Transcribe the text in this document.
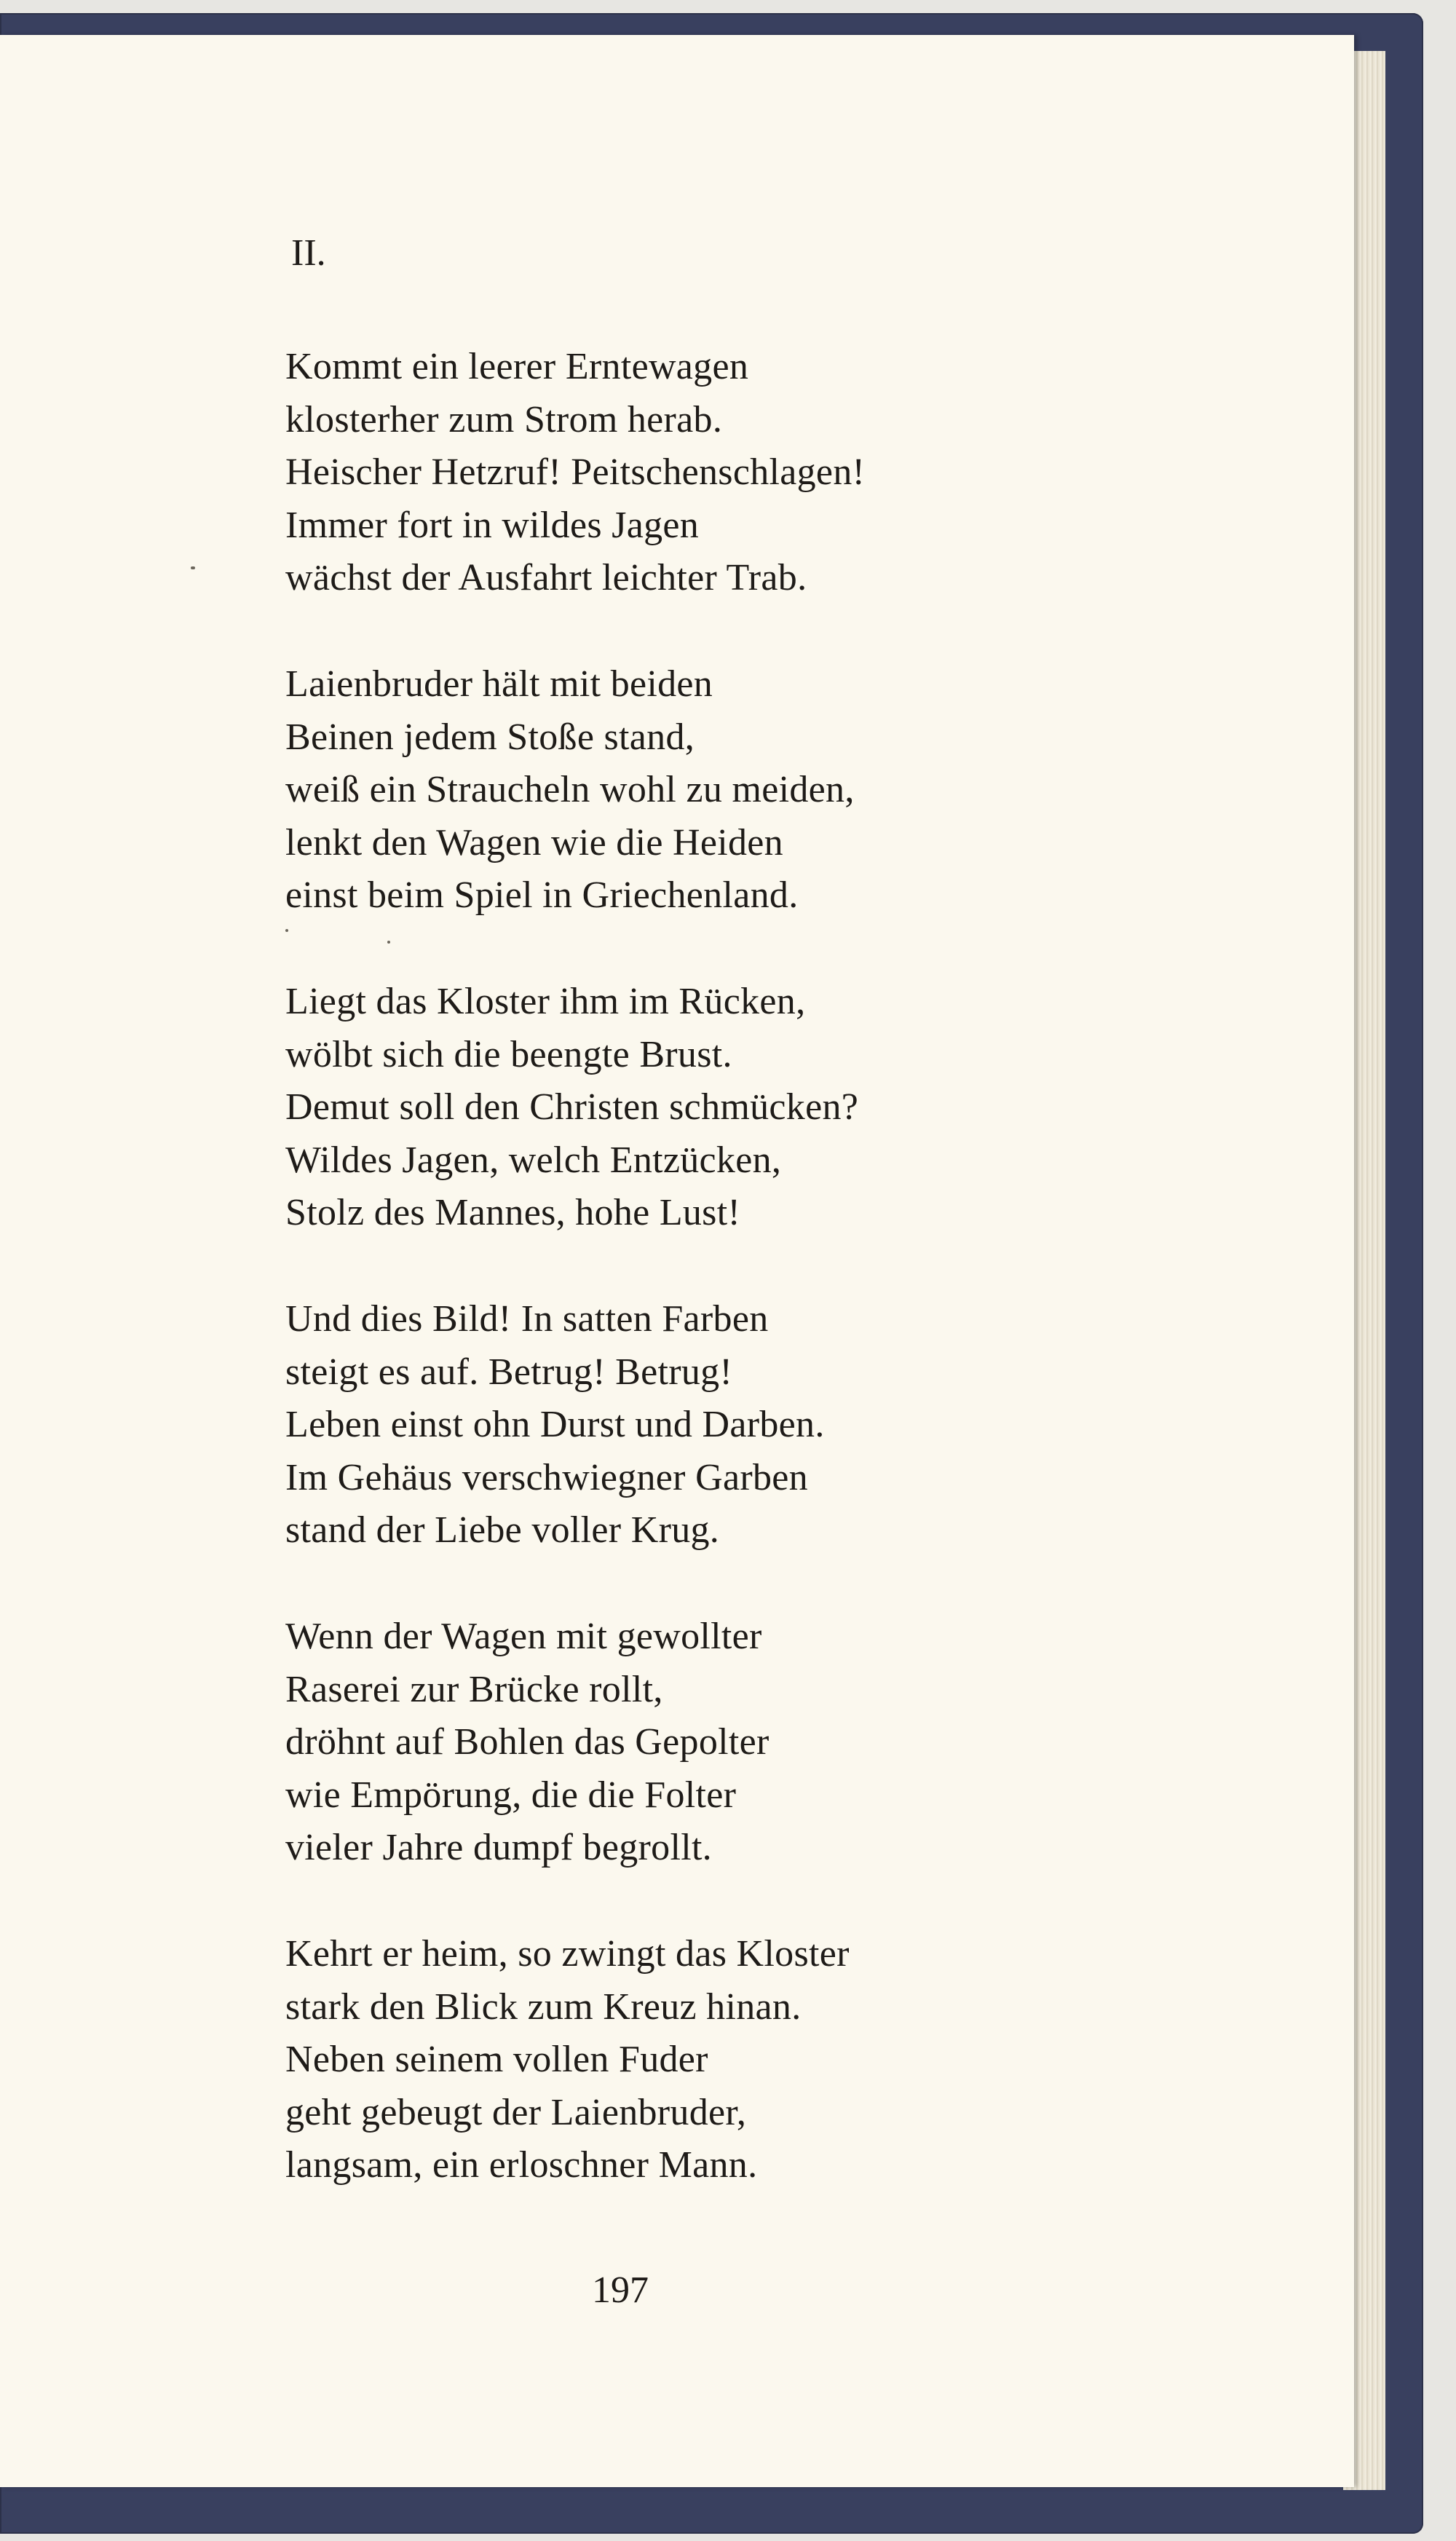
II.
Kommt ein leerer Erntewagen
klosterher zum Strom herab.
Heischer Hetzruf! Peitschenschlagen!
Immer fort in wildes Jagen
wächst der Ausfahrt leichter Trab.
Laienbruder hält mit beiden
Beinen jedem Stoße stand,
weiß ein Straucheln wohl zu meiden,
lenkt den Wagen wie die Heiden
einst beim Spiel in Griechenland.
Liegt das Kloster ihm im Rücken,
wölbt sich die beengte Brust.
Demut soll den Christen schmücken?
Wildes Jagen, welch Entzücken,
Stolz des Mannes, hohe Lust!
Und dies Bild! In satten Farben
steigt es auf. Betrug! Betrug!
Leben einst ohn Durst und Darben.
Im Gehäus verschwiegner Garben
stand der Liebe voller Krug.
Wenn der Wagen mit gewollter
Raserei zur Brücke rollt,
dröhnt auf Bohlen das Gepolter
wie Empörung, die die Folter
vieler Jahre dumpf begrollt.
Kehrt er heim, so zwingt das Kloster
stark den Blick zum Kreuz hinan.
Neben seinem vollen Fuder
geht gebeugt der Laienbruder,
langsam, ein erloschner Mann.
197
